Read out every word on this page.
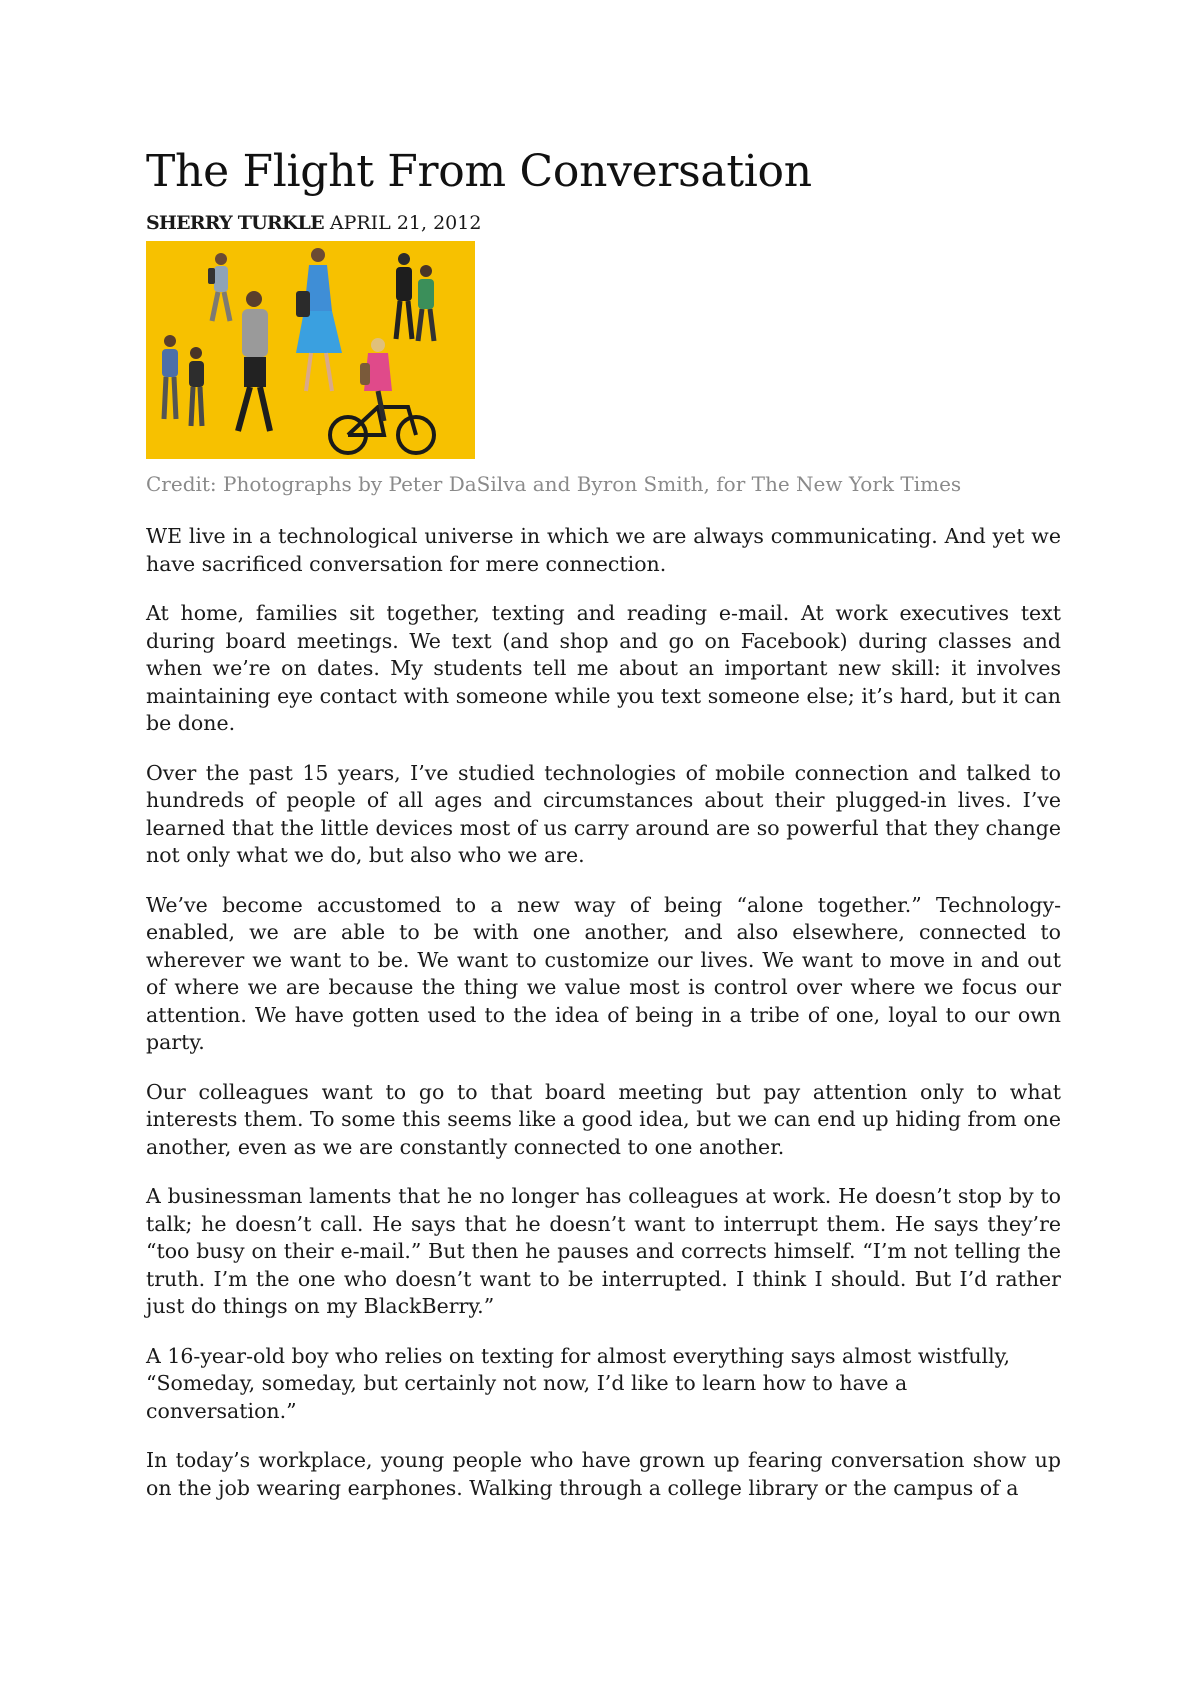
The Flight From Conversation
SHERRY TURKLE APRIL 21, 2012

Credit: Photographs by Peter DaSilva and Byron Smith, for The New York Times

WE live in a technological universe in which we are always communicating. And yet we have sacrificed conversation for mere connection.

At home, families sit together, texting and reading e-mail. At work executives text during board meetings. We text (and shop and go on Facebook) during classes and when we’re on dates. My students tell me about an important new skill: it involves maintaining eye contact with someone while you text someone else; it’s hard, but it can be done.

Over the past 15 years, I’ve studied technologies of mobile connection and talked to hundreds of people of all ages and circumstances about their plugged-in lives. I’ve learned that the little devices most of us carry around are so powerful that they change not only what we do, but also who we are.

We’ve become accustomed to a new way of being “alone together.” Technology-enabled, we are able to be with one another, and also elsewhere, connected to wherever we want to be. We want to customize our lives. We want to move in and out of where we are because the thing we value most is control over where we focus our attention. We have gotten used to the idea of being in a tribe of one, loyal to our own party.

Our colleagues want to go to that board meeting but pay attention only to what interests them. To some this seems like a good idea, but we can end up hiding from one another, even as we are constantly connected to one another.

A businessman laments that he no longer has colleagues at work. He doesn’t stop by to talk; he doesn’t call. He says that he doesn’t want to interrupt them. He says they’re “too busy on their e-mail.” But then he pauses and corrects himself. “I’m not telling the truth. I’m the one who doesn’t want to be interrupted. I think I should. But I’d rather just do things on my BlackBerry.”

A 16-year-old boy who relies on texting for almost everything says almost wistfully, “Someday, someday, but certainly not now, I’d like to learn how to have a conversation.”

In today’s workplace, young people who have grown up fearing conversation show up on the job wearing earphones. Walking through a college library or the campus of a
